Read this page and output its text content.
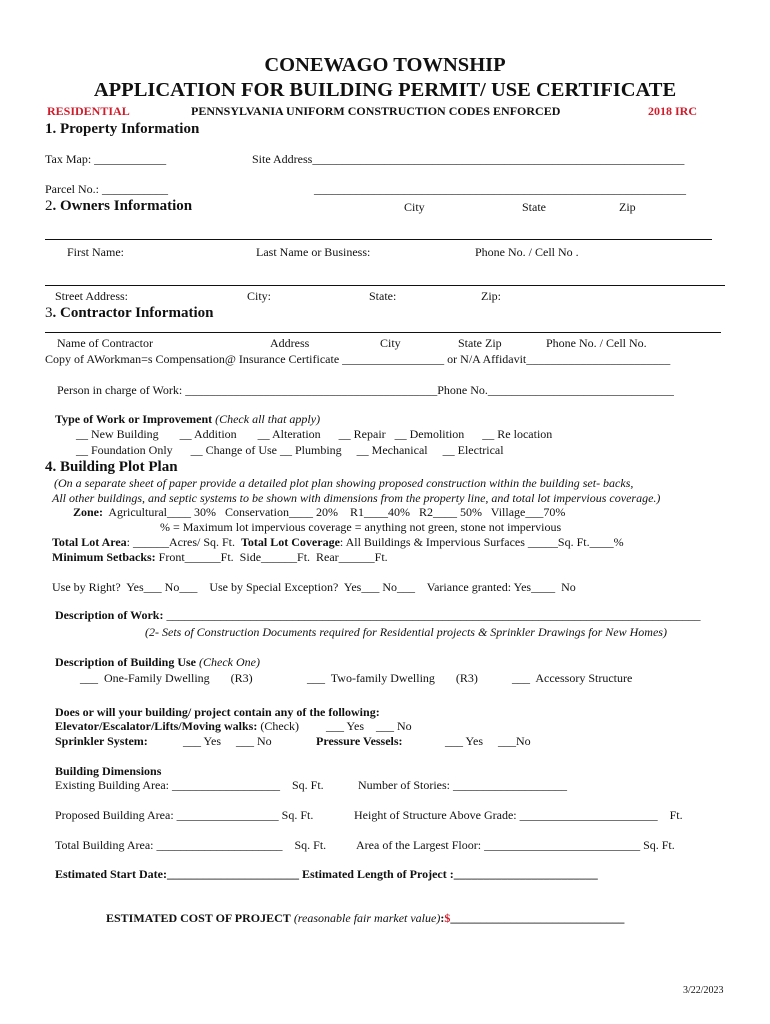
CONEWAGO TOWNSHIP
APPLICATION FOR BUILDING PERMIT/ USE CERTIFICATE
RESIDENTIAL	PENNSYLVANIA UNIFORM CONSTRUCTION CODES ENFORCED	2018 IRC
1. Property Information
Tax Map: ____________	Site Address______________________________________________________________
Parcel No.: ___________	______________________________________________________________
City	State	Zip
2. Owners Information
First Name:	Last Name or Business:	Phone No. / Cell No .
Street Address:	City:	State:	Zip:
3. Contractor Information
Name of Contractor	Address	City	State Zip	Phone No. / Cell No.
Copy of AWorkman=s Compensation@ Insurance Certificate _________________ or N/A Affidavit________________________
Person in charge of Work: __________________________________________Phone No._______________________________
Type of Work or Improvement (Check all that apply)
__ New Building       __ Addition       __ Alteration      __ Repair   __ Demolition      __ Re location
__ Foundation Only      __ Change of Use __ Plumbing     __ Mechanical     __ Electrical
4. Building Plot Plan
(On a separate sheet of paper provide a detailed plot plan showing proposed construction within the building set- backs,
All other buildings, and septic systems to be shown with dimensions from the property line, and total lot impervious coverage.)
Zone:  Agricultural____ 30%   Conservation____ 20%    R1____40%   R2____ 50%   Village___70%
% = Maximum lot impervious coverage = anything not green, stone not impervious
Total Lot Area: ______Acres/ Sq. Ft. Total Lot Coverage: All Buildings & Impervious Surfaces _____Sq. Ft.____%
Minimum Setbacks: Front______Ft.  Side______Ft.  Rear______Ft.
Use by Right?  Yes___ No___    Use by Special Exception?  Yes___ No___    Variance granted: Yes____  No
Description of Work: _________________________________________________________________________________________
(2- Sets of Construction Documents required for Residential projects & Sprinkler Drawings for New Homes)
Description of Building Use (Check One)
___  One-Family Dwelling       (R3)	___  Two-family Dwelling       (R3)	___  Accessory Structure
Does or will your building/ project contain any of the following:
Elevator/Escalator/Lifts/Moving walks: (Check) ___ Yes    ___ No
Sprinkler System:	___ Yes     ___ No	Pressure Vessels:	___ Yes     ___No
Building Dimensions
Existing Building Area: __________________    Sq. Ft.	Number of Stories: ___________________
Proposed Building Area: _________________ Sq. Ft.	Height of Structure Above Grade: _______________________    Ft.
Total Building Area: _____________________    Sq. Ft. Area of the Largest Floor: __________________________ Sq. Ft.
Estimated Start Date:______________________ Estimated Length of Project :________________________
ESTIMATED COST OF PROJECT (reasonable fair market value):$_____________________________
3/22/2023
